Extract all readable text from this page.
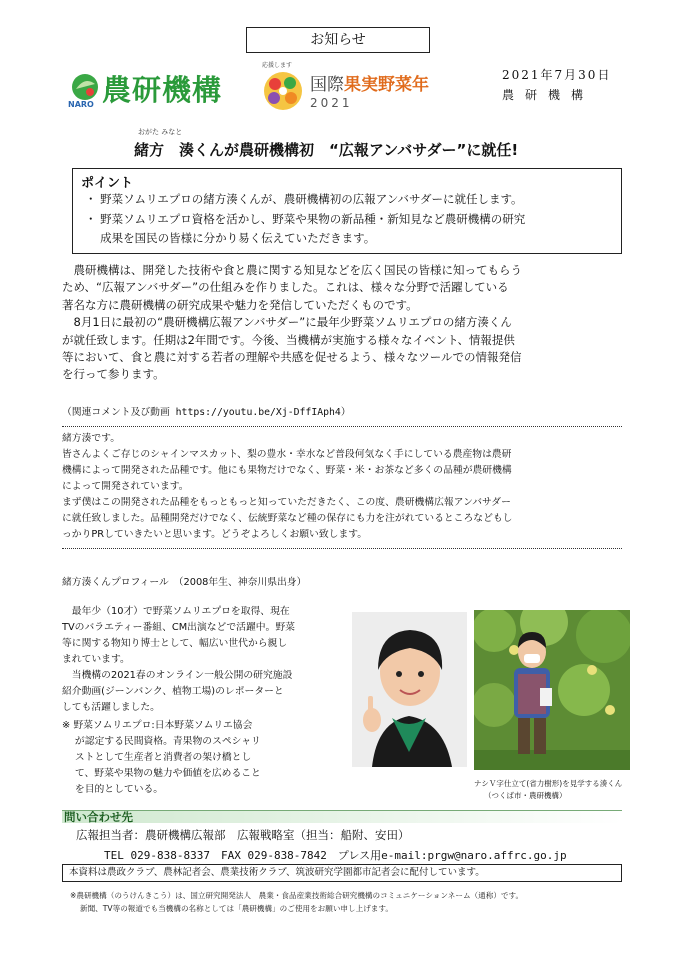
お知らせ
農研機構
NARO
応援します
国際果実野菜年
2021
2021年7月30日
農研機構
おがた みなと
緒方　湊くんが農研機構初　“広報アンバサダー”に就任!
ポイント
・ 野菜ソムリエプロの緒方湊くんが、農研機構初の広報アンバサダーに就任します。
・ 野菜ソムリエプロ資格を活かし、野菜や果物の新品種・新知見など農研機構の研究
　 成果を国民の皆様に分かり易く伝えていただきます。
　農研機構は、開発した技術や食と農に関する知見などを広く国民の皆様に知ってもらう
ため、“広報アンバサダー”の仕組みを作りました。これは、様々な分野で活躍している
著名な方に農研機構の研究成果や魅力を発信していただくものです。
　8月1日に最初の“農研機構広報アンバサダー”に最年少野菜ソムリエプロの緒方湊くん
が就任致します。任期は2年間です。今後、当機構が実施する様々なイベント、情報提供
等において、食と農に対する若者の理解や共感を促せるよう、様々なツールでの情報発信
を行って参ります。
（関連コメント及び動画 https://youtu.be/Xj-DffIAph4）
緒方湊です。
皆さんよくご存じのシャインマスカット、梨の豊水・幸水など普段何気なく手にしている農産物は農研
機構によって開発された品種です。他にも果物だけでなく、野菜・米・お茶など多くの品種が農研機構
によって開発されています。
まず僕はこの開発された品種をもっともっと知っていただきたく、この度、農研機構広報アンバサダー
に就任致しました。品種開発だけでなく、伝統野菜など種の保存にも力を注がれているところなどもし
っかりPRしていきたいと思います。どうぞよろしくお願い致します。
緒方湊くんプロフィール　（2008年生、神奈川県出身）
　最年少（10才）で野菜ソムリエプロを取得、現在
TVのバラエティー番組、CM出演などで活躍中。野菜
等に関する物知り博士として、幅広い世代から親し
まれています。
　当機構の2021春のオンライン一般公開の研究施設
紹介動画(ジーンバンク、植物工場)のレポーターと
しても活躍しました。
※ 野菜ソムリエプロ:日本野菜ソムリエ協会
　 が認定する民間資格。青果物のスペシャリ
　 ストとして生産者と消費者の架け橋とし
　 て、野菜や果物の魅力や価値を広めること
　 を目的としている。
ナシＶ字仕立て(省力樹形)を見学する湊くん
（つくば市・農研機構）
問い合わせ先
広報担当者：農研機構広報部　広報戦略室（担当：船附、安田）
TEL 029-838-8337　FAX 029-838-7842　プレス用e-mail:prgw@naro.affrc.go.jp
本資料は農政クラブ、農林記者会、農業技術クラブ、筑波研究学園都市記者会に配付しています。
※農研機構（のうけんきこう）は、国立研究開発法人　農業・食品産業技術総合研究機構のコミュニケーションネーム（通称）です。
新聞、TV等の報道でも当機構の名称としては「農研機構」のご使用をお願い申し上げます。
